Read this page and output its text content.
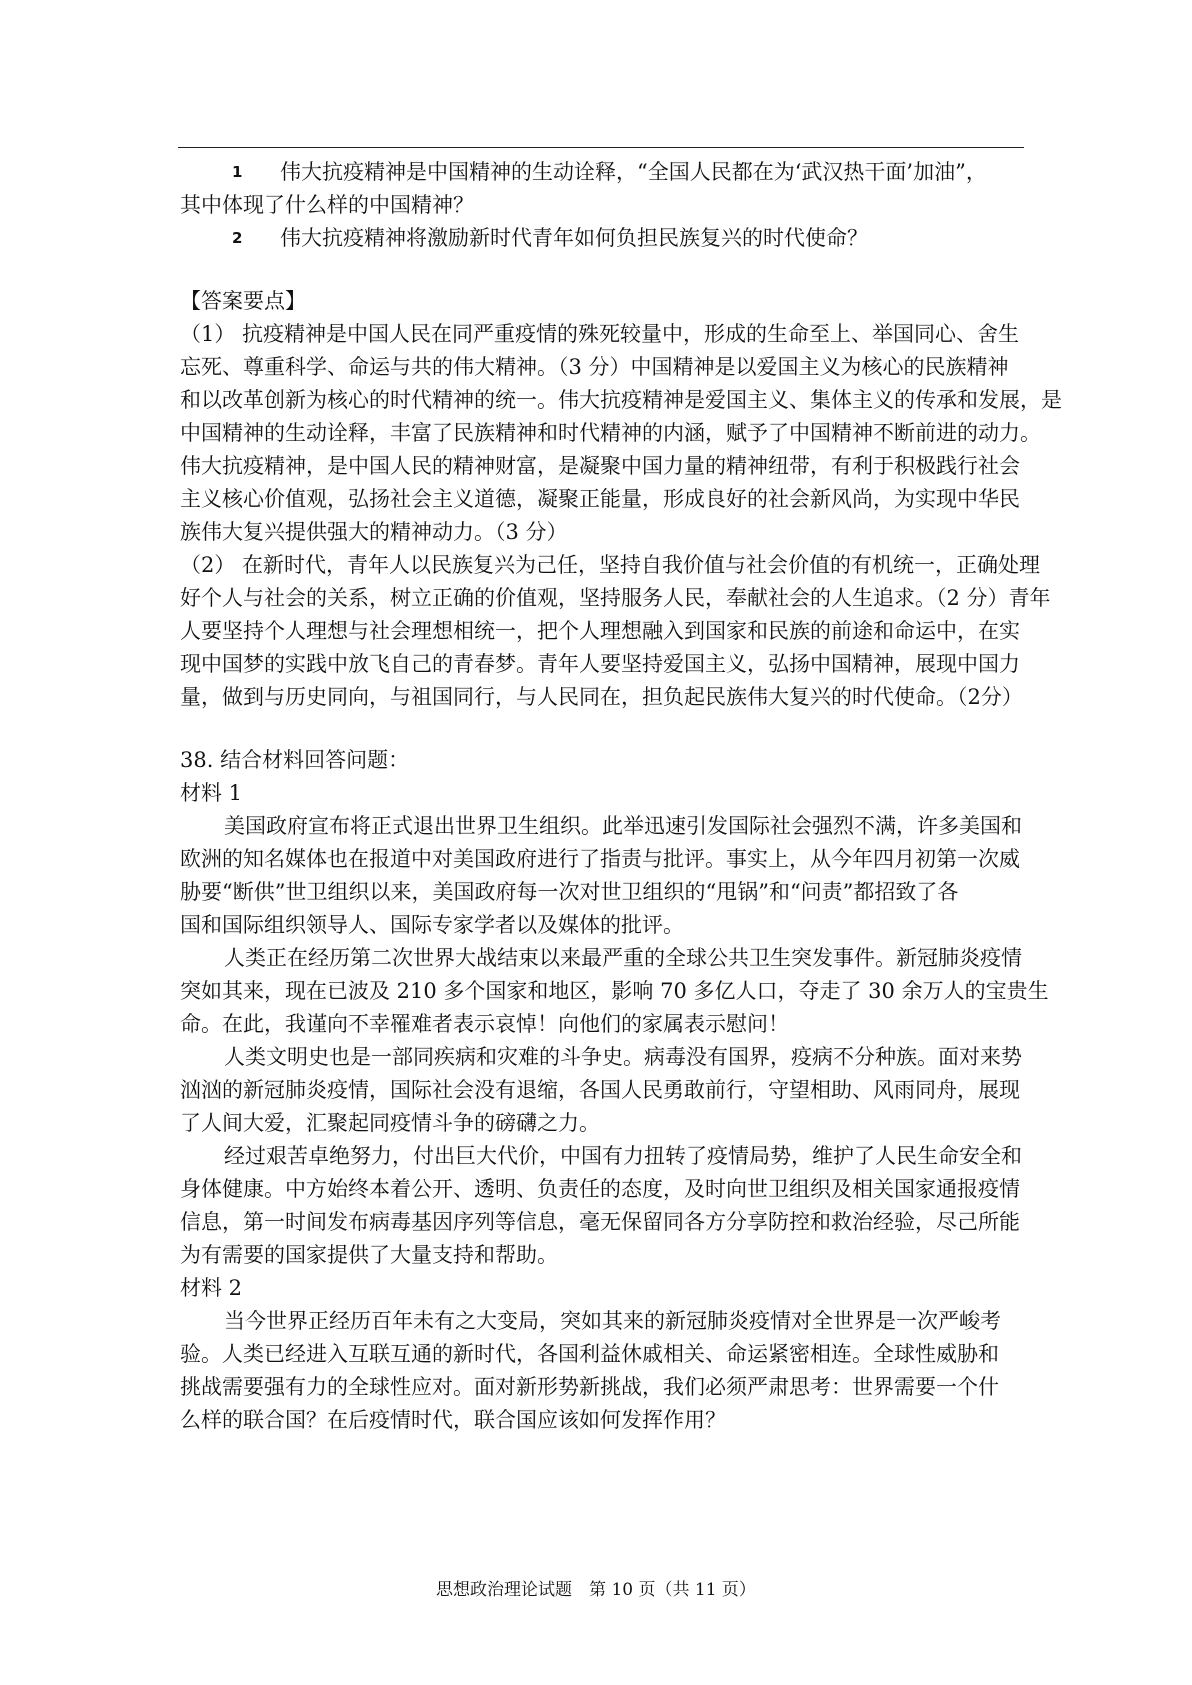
1 伟大抗疫精神是中国精神的生动诠释，“全国人民都在为‘武汉热干面’加油”，
其中体现了什么样的中国精神？
2 伟大抗疫精神将激励新时代青年如何负担民族复兴的时代使命？
【答案要点】
（1） 抗疫精神是中国人民在同严重疫情的殊死较量中，形成的生命至上、举国同心、舍生
忘死、尊重科学、命运与共的伟大精神。（3 分）中国精神是以爱国主义为核心的民族精神
和以改革创新为核心的时代精神的统一。伟大抗疫精神是爱国主义、集体主义的传承和发展，是
中国精神的生动诠释，丰富了民族精神和时代精神的内涵，赋予了中国精神不断前进的动力。
伟大抗疫精神，是中国人民的精神财富，是凝聚中国力量的精神纽带，有利于积极践行社会
主义核心价值观，弘扬社会主义道德，凝聚正能量，形成良好的社会新风尚，为实现中华民
族伟大复兴提供强大的精神动力。（3 分）
（2） 在新时代，青年人以民族复兴为己任，坚持自我价值与社会价值的有机统一，正确处理
好个人与社会的关系，树立正确的价值观，坚持服务人民，奉献社会的人生追求。（2 分）青年
人要坚持个人理想与社会理想相统一，把个人理想融入到国家和民族的前途和命运中，在实
现中国梦的实践中放飞自己的青春梦。青年人要坚持爱国主义，弘扬中国精神，展现中国力
量，做到与历史同向，与祖国同行，与人民同在，担负起民族伟大复兴的时代使命。（2分）
38. 结合材料回答问题：
材料 1
美国政府宣布将正式退出世界卫生组织。此举迅速引发国际社会强烈不满，许多美国和
欧洲的知名媒体也在报道中对美国政府进行了指责与批评。事实上，从今年四月初第一次威
胁要“断供”世卫组织以来，美国政府每一次对世卫组织的“甩锅”和“问责”都招致了各
国和国际组织领导人、国际专家学者以及媒体的批评。
人类正在经历第二次世界大战结束以来最严重的全球公共卫生突发事件。新冠肺炎疫情
突如其来，现在已波及 210 多个国家和地区，影响 70 多亿人口，夺走了 30 余万人的宝贵生
命。在此，我谨向不幸罹难者表示哀悼！向他们的家属表示慰问！
人类文明史也是一部同疾病和灾难的斗争史。病毒没有国界，疫病不分种族。面对来势
汹汹的新冠肺炎疫情，国际社会没有退缩，各国人民勇敢前行，守望相助、风雨同舟，展现
了人间大爱，汇聚起同疫情斗争的磅礴之力。
经过艰苦卓绝努力，付出巨大代价，中国有力扭转了疫情局势，维护了人民生命安全和
身体健康。中方始终本着公开、透明、负责任的态度，及时向世卫组织及相关国家通报疫情
信息，第一时间发布病毒基因序列等信息，毫无保留同各方分享防控和救治经验，尽己所能
为有需要的国家提供了大量支持和帮助。
材料 2
当今世界正经历百年未有之大变局，突如其来的新冠肺炎疫情对全世界是一次严峻考
验。人类已经进入互联互通的新时代，各国利益休戚相关、命运紧密相连。全球性威胁和
挑战需要强有力的全球性应对。面对新形势新挑战，我们必须严肃思考：世界需要一个什
么样的联合国？在后疫情时代，联合国应该如何发挥作用？
思想政治理论试题　第 10 页（共 11 页）
